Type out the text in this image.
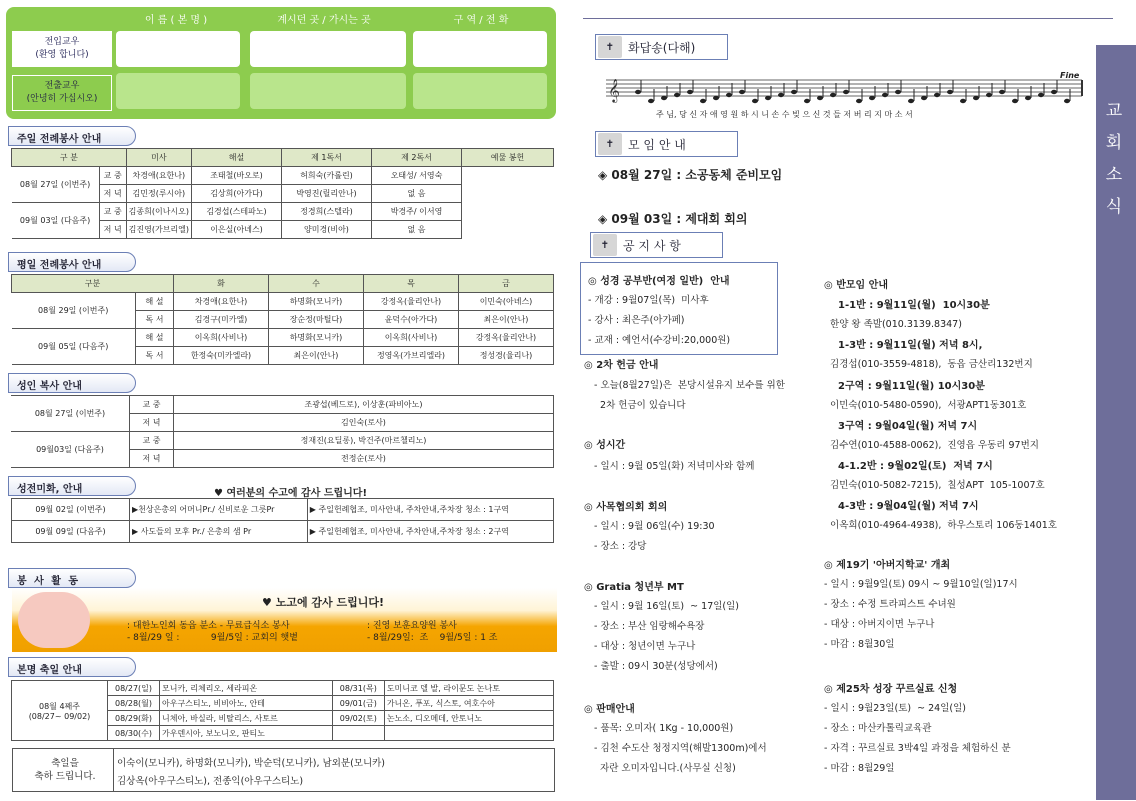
이 름 ( 본 명 )	계시던 곳 / 가시는 곳	구 역 / 전 화
전입교우
(환영 합니다)
전출교우
(안녕히 가십시오)
주일 전례봉사 안내
구 분		미사	해설	제 1독서	제 2독서	예물 봉헌
08월 27일 (이번주)	교 중	차경애(요한나)	조태철(바오로)	허희숙(카롤린)	오태성/ 서영숙	
	저 녁	김민정(루시아)	김상희(아가다)	박영진(릴리안나)	없 음	
09월 03일 (다음주)	교 중	김종희(이나시오)	김경섭(스테파노)	정경희(스텔라)	박경주/ 이서영	
	저 녁	김진영(가브리엘)	이은실(아녜스)	양미경(비아)	없 음	
평일 전례봉사 안내
구분		화	수	목	금
08월 29일 (이번주)	해 설	차경애(요한나)	하명화(모니카)	강정옥(율리안나)	이민숙(아녜스)
	독 서	김경구(미카엘)	장순정(마틸다)	윤덕수(아가다)	최은이(안나)
09월 05일 (다음주)	해 설	이옥희(사비나)	하명화(모니카)	이옥희(사비나)	강정옥(율리안나)
	독 서	한정숙(미카엘라)	최은이(안나)	정영옥(가브리엘라)	정성경(율리나)
성인 복사 안내
08월 27일 (이번주)	교 중	조광섭(베드로), 이상훈(파비아노)
	저 녁	김인숙(로사)
09월03일 (다음주)	교 중	정재진(요딜롱), 박건주(마르첼리노)
	저 녁	전정순(로사)
성전미화, 안내	♥ 여러분의 수고에 감사 드립니다!
09월 02일 (이번주)	▶천상은총의 어머니Pr./ 신비로운 그릇Pr	▶ 주일헌례협조, 미사안내, 주차안내,주차장 청소 : 1구역
09월 09일 (다음주)	▶ 사도들의 모후 Pr./ 은총의 샘 Pr	▶ 주일헌례협조, 미사안내, 주차안내,주차장 청소 : 2구역
봉 사 활 동
♥ 노고에 감사 드립니다!
: 대한노인회 동읍 분소 - 무료급식소 봉사
- 8월/29 일 :           9월/5일 : 교회의 햇볕
: 진영 보훈요양원 봉사
- 8월/29일:  조    9월/5일 : 1 조
본명 축일 안내
08월 4째주
(08/27~ 09/02)	08/27(일)	모니카, 리체리오, 세라피온	08/31(목)	도미니코 델 발, 라이문도 논나토
	08/28(월)	아우구스티노, 비비아노, 안테	09/01(금)	가니온, 푸포, 식스토, 여호수아
	08/29(화)	니체아, 바실라, 비탈리스, 사토르	09/02(토)	논노소, 디오메데, 안토니노
	08/30(수)	가우덴시아, 보노니오, 판티노		
축일을
축하 드립니다.
이숙이(모니카), 하명화(모니카), 박순덕(모니카), 남외분(모니카)
김상옥(아우구스티노), 전종익(아우구스티노)
교 회 소 식
✝	화답송(다해)
𝄞
Fine
주 님, 당 신 자 애 영 원 하 시 니 손 수 빚 으 신 것 들 저 버 리 지 마 소 서
✝	모 임 안 내
◈ 08월 27일 : 소공동체 준비모임
◈ 09월 03일 : 제대회 회의
✝	공 지 사 항
◎ 성경 공부반(여정 일반)  안내
- 개강 : 9월07일(목)  미사후
- 강사 : 최은주(아가페)
- 교재 : 예언서(수강비:20,000원)
◎ 2차 헌금 안내
- 오늘(8월27일)은  본당시설유지 보수를 위한
2차 헌금이 있습니다
◎ 성시간
- 일시 : 9월 05일(화) 저녁미사와 함께
◎ 사목협의회 회의
- 일시 : 9월 06일(수) 19:30
- 장소 : 강당
◎ Gratia 청년부 MT
- 일시 : 9월 16일(토)  ~ 17일(일)
- 장소 : 부산 임랑해수욕장
- 대상 : 청년이면 누구나
- 출발 : 09시 30분(성당에서)
◎ 판매안내
- 품목: 오미자( 1Kg - 10,000원)
- 김천 수도산 청정지역(해발1300m)에서
자란 오미자입니다.(사무실 신청)
◎ 반모임 안내
1-1반 : 9월11일(월)  10시30분
한양 왕 족발(010.3139.8347)
1-3반 : 9월11일(월) 저녁 8시,
김경섭(010-3559-4818),  동읍 금산리132번지
2구역 : 9월11일(월) 10시30분
이민숙(010-5480-0590),  서광APT1동301호
3구역 : 9월04일(월) 저녁 7시
김수연(010-4588-0062),  진영읍 우동리 97번지
4-1.2반 : 9월02일(토)  저녁 7시
김민숙(010-5082-7215),  칠성APT  105-1007호
4-3반 : 9월04일(월) 저녁 7시
이옥희(010-4964-4938),  하우스토리 106동1401호
◎ 제19기 '아버지학교' 개최
- 일시 : 9월9일(토) 09시 ~ 9월10일(일)17시
- 장소 : 수정 트라피스트 수녀원
- 대상 : 아버지이면 누구나
- 마감 : 8월30일
◎ 제25차 성장 꾸르실료 신청
- 일시 : 9월23일(토)  ~ 24일(일)
- 장소 : 마산카톨릭교육관
- 자격 : 꾸르실료 3박4일 과정을 체험하신 분
- 마감 : 8월29일
